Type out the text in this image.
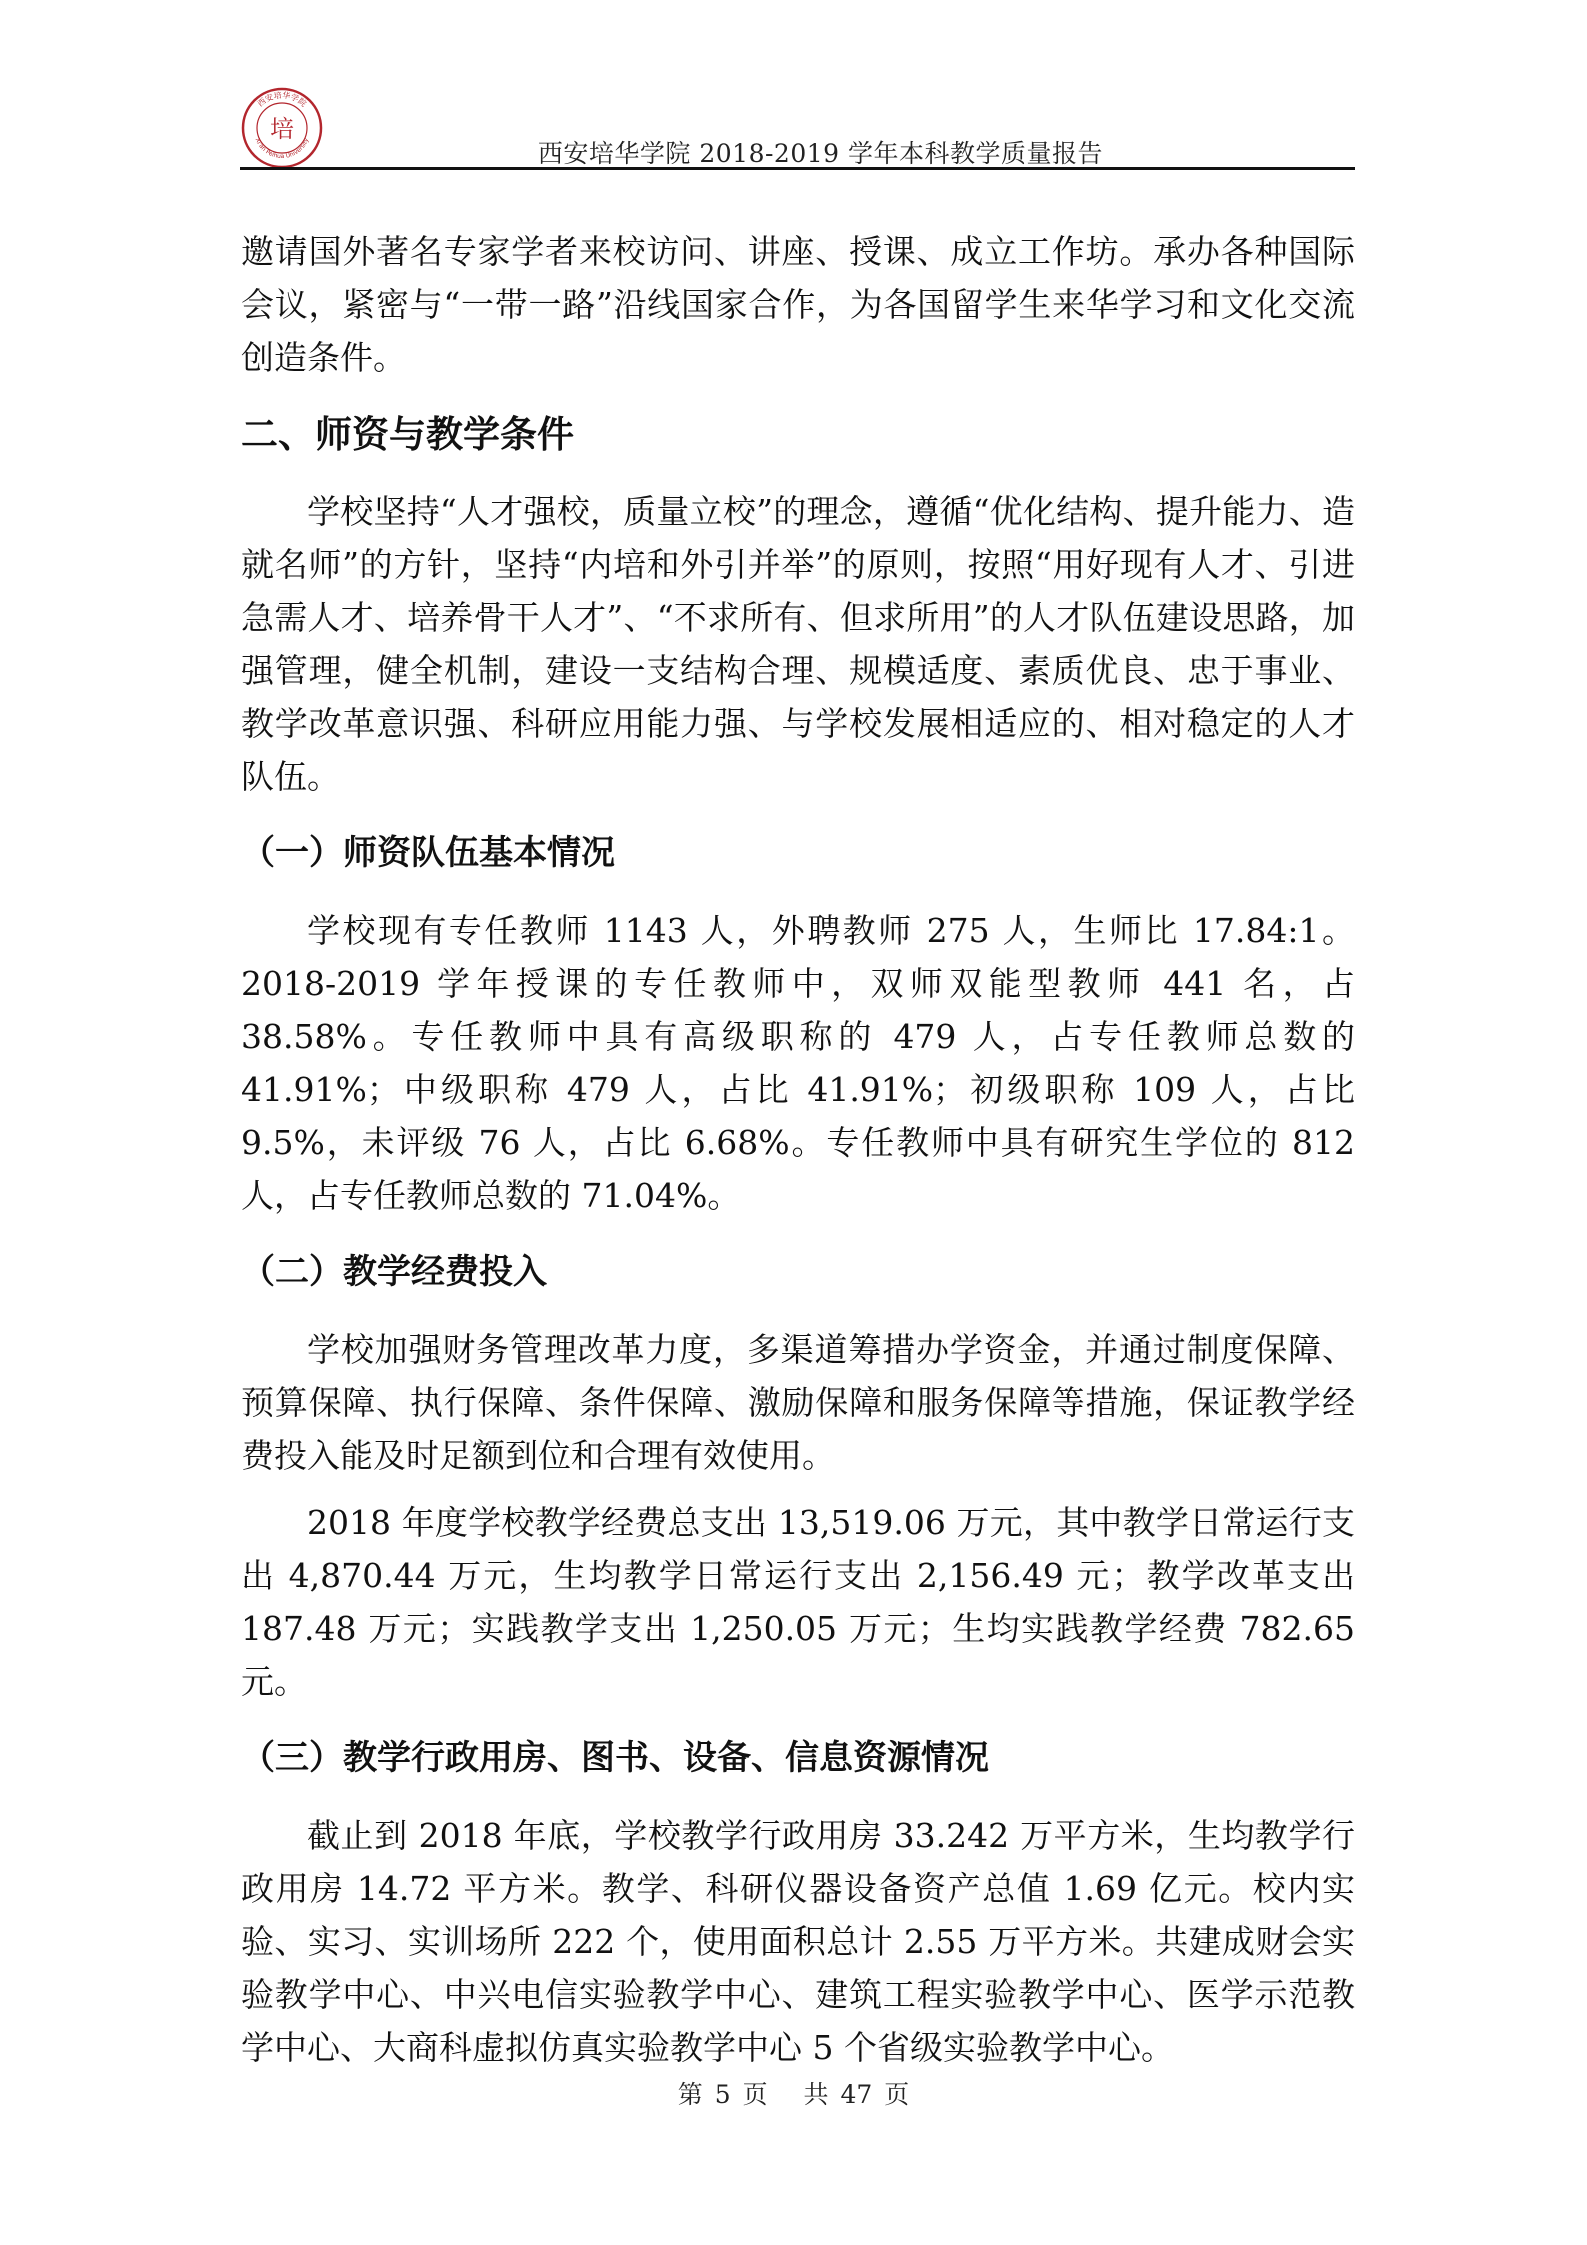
西安培华学院
Xi'an Peihua University
培
西安培华学院 2018-2019 学年本科教学质量报告

邀请国外著名专家学者来校访问、讲座、授课、成立工作坊。承办各种国际会议，紧密与“一带一路”沿线国家合作，为各国留学生来华学习和文化交流创造条件。

二、师资与教学条件

学校坚持“人才强校，质量立校”的理念，遵循“优化结构、提升能力、造就名师”的方针，坚持“内培和外引并举”的原则，按照“用好现有人才、引进急需人才、培养骨干人才”、“不求所有、但求所用”的人才队伍建设思路，加强管理，健全机制，建设一支结构合理、规模适度、素质优良、忠于事业、教学改革意识强、科研应用能力强、与学校发展相适应的、相对稳定的人才队伍。

（一）师资队伍基本情况

学校现有专任教师 1143 人，外聘教师 275 人，生师比 17.84:1。2018-2019 学年授课的专任教师中，双师双能型教师 441 名，占 38.58%。专任教师中具有高级职称的 479 人，占专任教师总数的 41.91%；中级职称 479 人，占比 41.91%；初级职称 109 人，占比 9.5%，未评级 76 人，占比 6.68%。专任教师中具有研究生学位的 812 人，占专任教师总数的 71.04%。

（二）教学经费投入

学校加强财务管理改革力度，多渠道筹措办学资金，并通过制度保障、预算保障、执行保障、条件保障、激励保障和服务保障等措施，保证教学经费投入能及时足额到位和合理有效使用。

2018 年度学校教学经费总支出 13,519.06 万元，其中教学日常运行支出 4,870.44 万元，生均教学日常运行支出 2,156.49 元；教学改革支出 187.48 万元；实践教学支出 1,250.05 万元；生均实践教学经费 782.65 元。

（三）教学行政用房、图书、设备、信息资源情况

截止到 2018 年底，学校教学行政用房 33.242 万平方米，生均教学行政用房 14.72 平方米。教学、科研仪器设备资产总值 1.69 亿元。校内实验、实习、实训场所 222 个，使用面积总计 2.55 万平方米。共建成财会实验教学中心、中兴电信实验教学中心、建筑工程实验教学中心、医学示范教学中心、大商科虚拟仿真实验教学中心 5 个省级实验教学中心。

第 5 页 共 47 页
